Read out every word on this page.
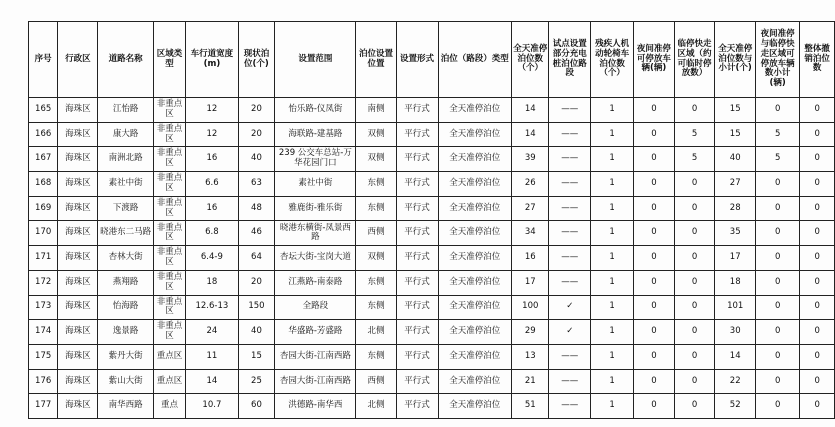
序号	行政区	道路名称	区域类型	车行道宽度(m)	现状泊位(个)	设置范围	泊位设置位置	设置形式	泊位（路段）类型	全天准停泊位数（个）	试点设置部分充电桩泊位路段	残疾人机动轮椅车泊位数（个）	夜间准停可停放车辆(辆)	临停快走区域（约可临时停放数）	全天准停泊位数与小计(个)	夜间准停与临停快走区域可停放车辆数小计(辆)	整体撤销泊位数
165	海珠区	江怡路	非重点区	12	20	怡乐路-仪凤街	南侧	平行式	全天准停泊位	14	——	1	0	0	15	0	0
166	海珠区	康大路	非重点区	12	20	海联路-建基路	双侧	平行式	全天准停泊位	14	——	1	0	5	15	5	0
167	海珠区	南洲北路	非重点区	16	40	239 公交车总站-万华花园门口	双侧	平行式	全天准停泊位	39	——	1	0	5	40	5	0
168	海珠区	素社中街	非重点区	6.6	63	素社中街	东侧	平行式	全天准停泊位	26	——	1	0	0	27	0	0
169	海珠区	下渡路	非重点区	16	48	雅鹿街-雅乐街	东侧	平行式	全天准停泊位	27	——	1	0	0	28	0	0
170	海珠区	晓港东二马路	非重点区	6.8	46	晓港东横街-凤景西路	西侧	平行式	全天准停泊位	34	——	1	0	0	35	0	0
171	海珠区	杏林大街	非重点区	6.4-9	64	杏坛大街-宝岗大道	双侧	平行式	全天准停泊位	16	——	1	0	0	17	0	0
172	海珠区	燕翔路	非重点区	18	20	江燕路-南泰路	东侧	平行式	全天准停泊位	17	——	1	0	0	18	0	0
173	海珠区	怡海路	非重点区	12.6-13	150	全路段	东侧	平行式	全天准停泊位	100	✓	1	0	0	101	0	0
174	海珠区	逸景路	非重点区	24	40	华盛路-芳盛路	北侧	平行式	全天准停泊位	29	✓	1	0	0	30	0	0
175	海珠区	紫丹大街	重点区	11	15	杏园大街-江南西路	东侧	平行式	全天准停泊位	13	——	1	0	0	14	0	0
176	海珠区	紫山大街	重点区	14	25	杏园大街-江南西路	西侧	平行式	全天准停泊位	21	——	1	0	0	22	0	0
177	海珠区	南华西路	重点	10.7	60	洪德路-南华西	北侧	平行式	全天准停泊位	51	——	1	0	0	52	0	0
